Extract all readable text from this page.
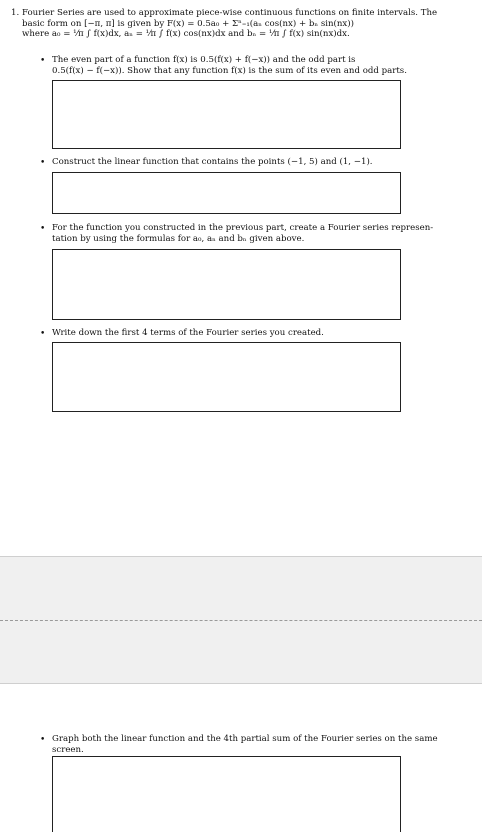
1. Fourier Series are used to approximate piece-wise continuous functions on finite intervals. The
basic form on [−π, π] is given by F(x) = 0.5a₀ + Σⁿ₌₁(aₙ cos(nx) + bₙ sin(nx))
where a₀ = ¹⁄π ∫ f(x)dx, aₙ = ¹⁄π ∫ f(x) cos(nx)dx and bₙ = ¹⁄π ∫ f(x) sin(nx)dx.
• The even part of a function f(x) is 0.5(f(x) + f(−x)) and the odd part is
0.5(f(x) − f(−x)). Show that any function f(x) is the sum of its even and odd parts.
• Construct the linear function that contains the points (−1, 5) and (1, −1).
• For the function you constructed in the previous part, create a Fourier series represen-
tation by using the formulas for a₀, aₙ and bₙ given above.
• Write down the first 4 terms of the Fourier series you created.
• Graph both the linear function and the 4th partial sum of the Fourier series on the same
screen.
